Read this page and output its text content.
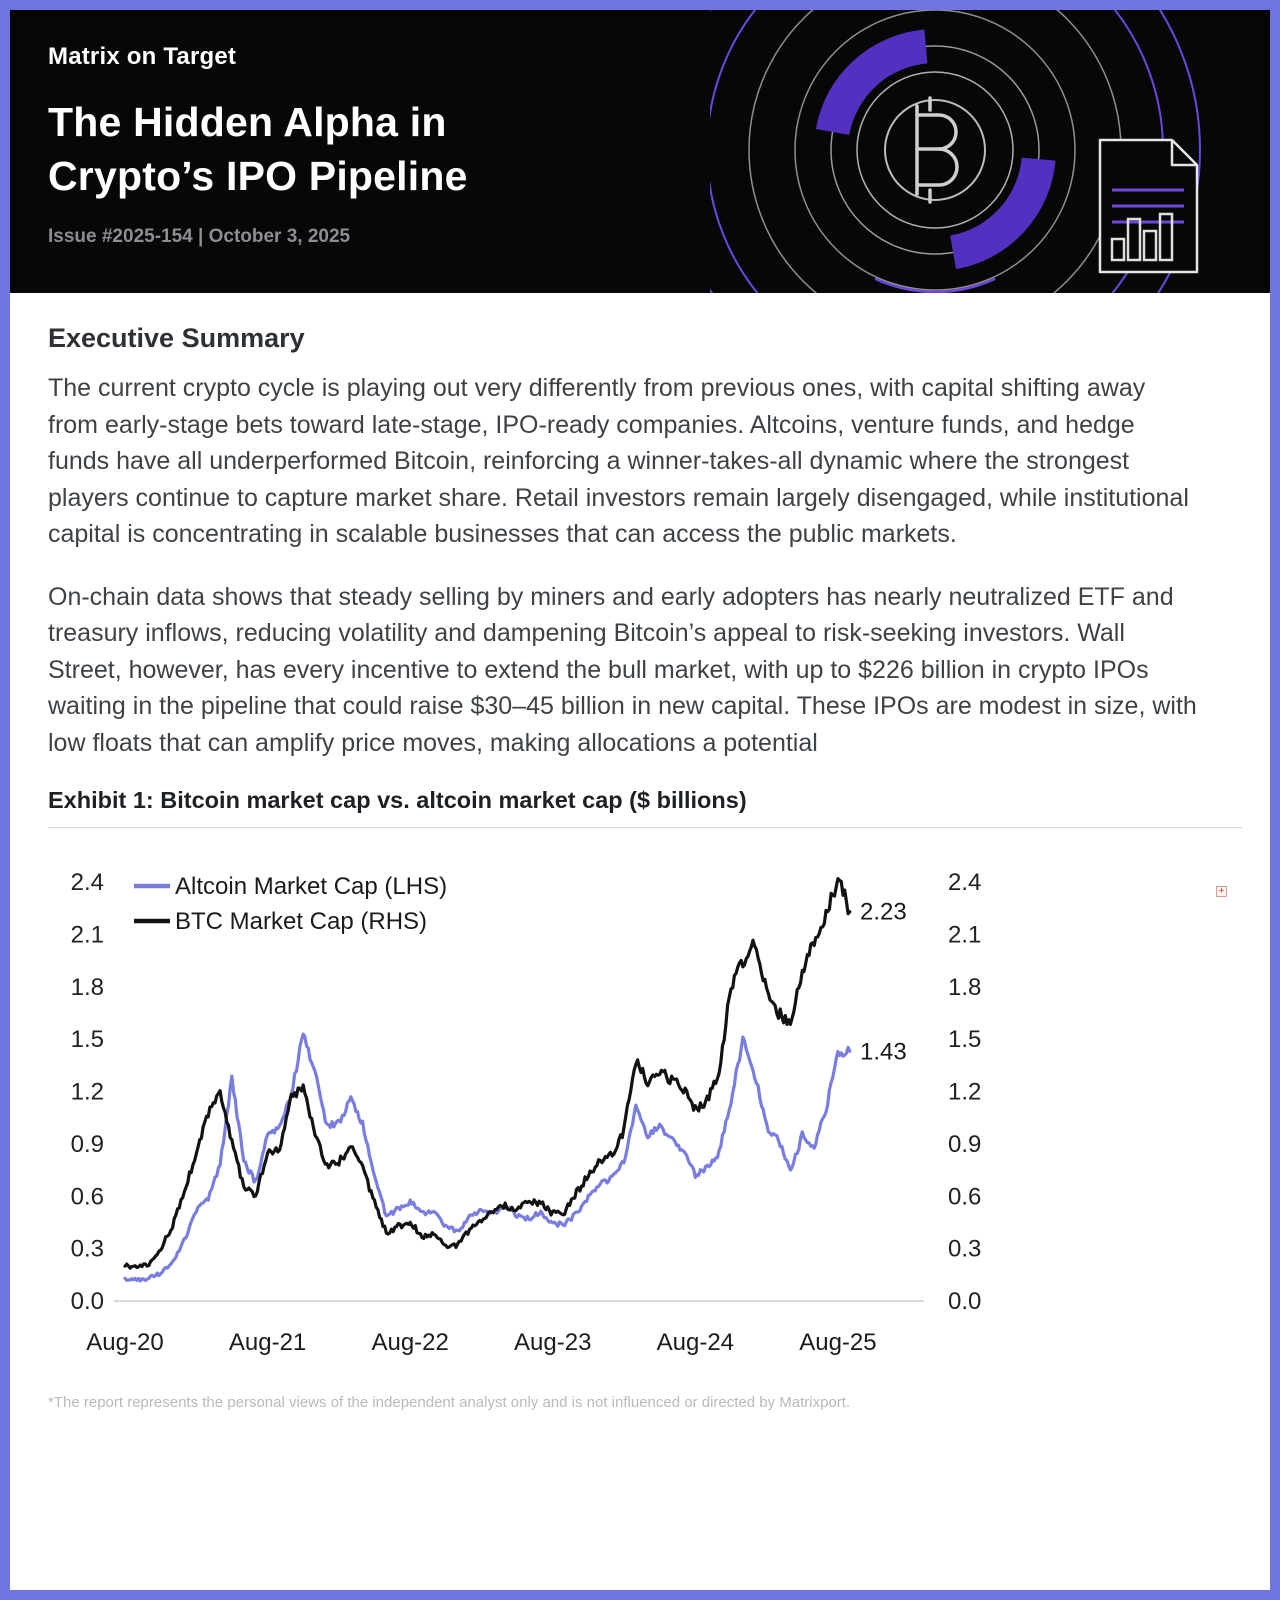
Matrix on Target
The Hidden Alpha in
Crypto’s IPO Pipeline
Issue #2025-154 | October 3, 2025
Executive Summary

The current crypto cycle is playing out very differently from previous ones, with capital shifting away from early-stage bets toward late-stage, IPO-ready companies. Altcoins, venture funds, and hedge funds have all underperformed Bitcoin, reinforcing a winner-takes-all dynamic where the strongest players continue to capture market share. Retail investors remain largely disengaged, while institutional capital is concentrating in scalable businesses that can access the public markets.

On-chain data shows that steady selling by miners and early adopters has nearly neutralized ETF and treasury inflows, reducing volatility and dampening Bitcoin’s appeal to risk-seeking investors. Wall Street, however, has every incentive to extend the bull market, with up to $226 billion in crypto IPOs waiting in the pipeline that could raise $30–45 billion in new capital. These IPOs are modest in size, with low floats that can amplify price moves, making allocations a potential

Exhibit 1: Bitcoin market cap vs. altcoin market cap ($ billions)
0.0	0.0
0.3	0.3
0.6	0.6
0.9	0.9
1.2	1.2
1.5	1.5
1.8	1.8
2.1	2.1
2.4	2.4
Aug-20	Aug-21	Aug-22	Aug-23	Aug-24	Aug-25
1.43
2.23
Altcoin Market Cap (LHS)
BTC Market Cap (RHS)
*The report represents the personal views of the independent analyst only and is not influenced or directed by Matrixport.
+
